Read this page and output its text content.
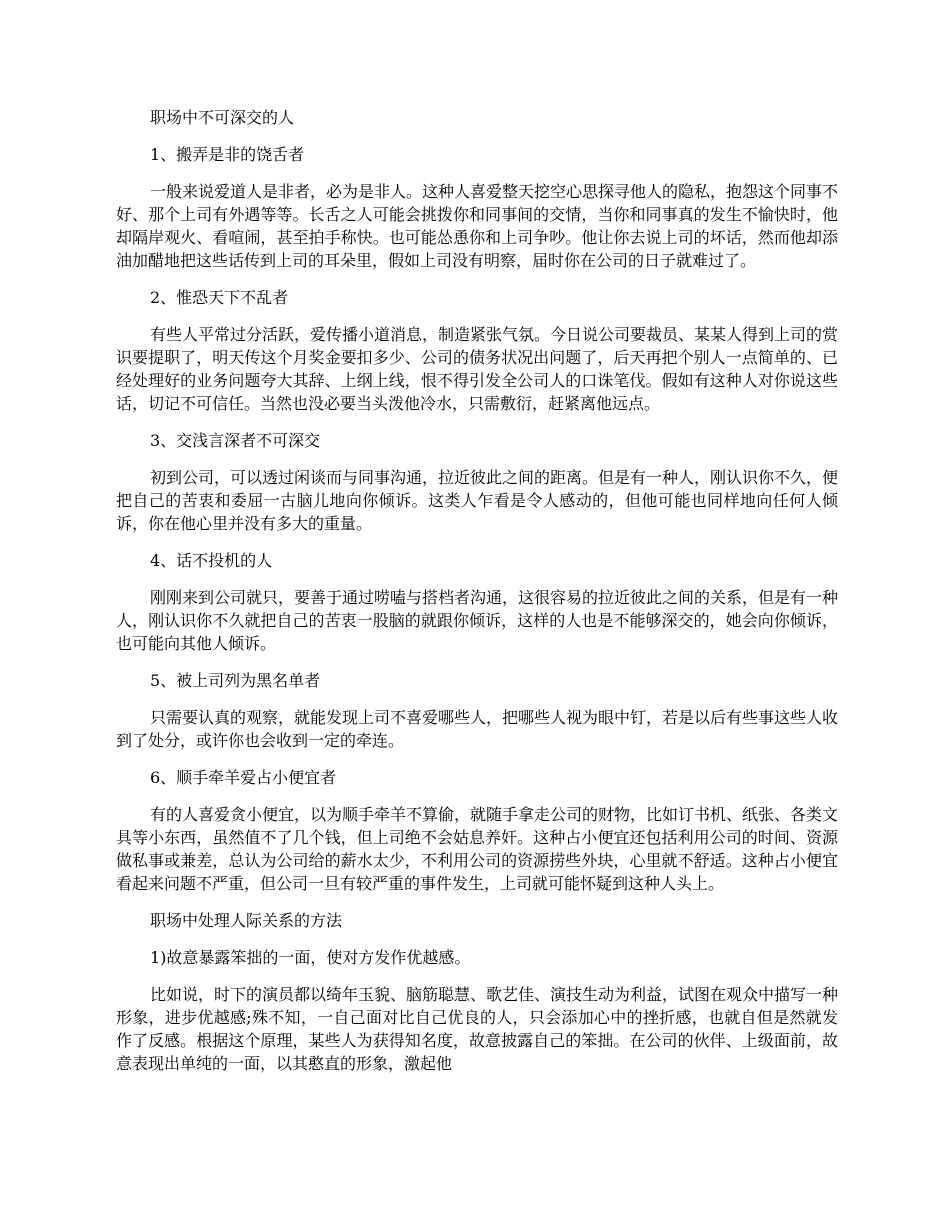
职场中不可深交的人

1、搬弄是非的饶舌者

一般来说爱道人是非者，必为是非人。这种人喜爱整天挖空心思探寻他人的隐私，抱怨这个同事不好、那个上司有外遇等等。长舌之人可能会挑拨你和同事间的交情，当你和同事真的发生不愉快时，他却隔岸观火、看喧闹，甚至拍手称快。也可能怂恿你和上司争吵。他让你去说上司的坏话，然而他却添油加醋地把这些话传到上司的耳朵里，假如上司没有明察，届时你在公司的日子就难过了。

2、惟恐天下不乱者

有些人平常过分活跃，爱传播小道消息，制造紧张气氛。今日说公司要裁员、某某人得到上司的赏识要提职了，明天传这个月奖金要扣多少、公司的债务状况出问题了，后天再把个别人一点简单的、已经处理好的业务问题夸大其辞、上纲上线，恨不得引发全公司人的口诛笔伐。假如有这种人对你说这些话，切记不可信任。当然也没必要当头泼他冷水，只需敷衍，赶紧离他远点。

3、交浅言深者不可深交

初到公司，可以透过闲谈而与同事沟通，拉近彼此之间的距离。但是有一种人，刚认识你不久，便把自己的苦衷和委屈一古脑儿地向你倾诉。这类人乍看是令人感动的，但他可能也同样地向任何人倾诉，你在他心里并没有多大的重量。

4、话不投机的人

刚刚来到公司就只，要善于通过唠嗑与搭档者沟通，这很容易的拉近彼此之间的关系，但是有一种人，刚认识你不久就把自己的苦衷一股脑的就跟你倾诉，这样的人也是不能够深交的，她会向你倾诉，也可能向其他人倾诉。

5、被上司列为黑名单者

只需要认真的观察，就能发现上司不喜爱哪些人，把哪些人视为眼中钉，若是以后有些事这些人收到了处分，或许你也会收到一定的牵连。

6、顺手牵羊爱占小便宜者

有的人喜爱贪小便宜，以为顺手牵羊不算偷，就随手拿走公司的财物，比如订书机、纸张、各类文具等小东西，虽然值不了几个钱，但上司绝不会姑息养奸。这种占小便宜还包括利用公司的时间、资源做私事或兼差，总认为公司给的薪水太少，不利用公司的资源捞些外块，心里就不舒适。这种占小便宜看起来问题不严重，但公司一旦有较严重的事件发生，上司就可能怀疑到这种人头上。

职场中处理人际关系的方法

1)故意暴露笨拙的一面，使对方发作优越感。

比如说，时下的演员都以绮年玉貌、脑筋聪慧、歌艺佳、演技生动为利益，试图在观众中描写一种形象，进步优越感;殊不知，一自己面对比自己优良的人，只会添加心中的挫折感，也就自但是然就发作了反感。根据这个原理，某些人为获得知名度，故意披露自己的笨拙。在公司的伙伴、上级面前，故意表现出单纯的一面，以其憨直的形象，激起他
